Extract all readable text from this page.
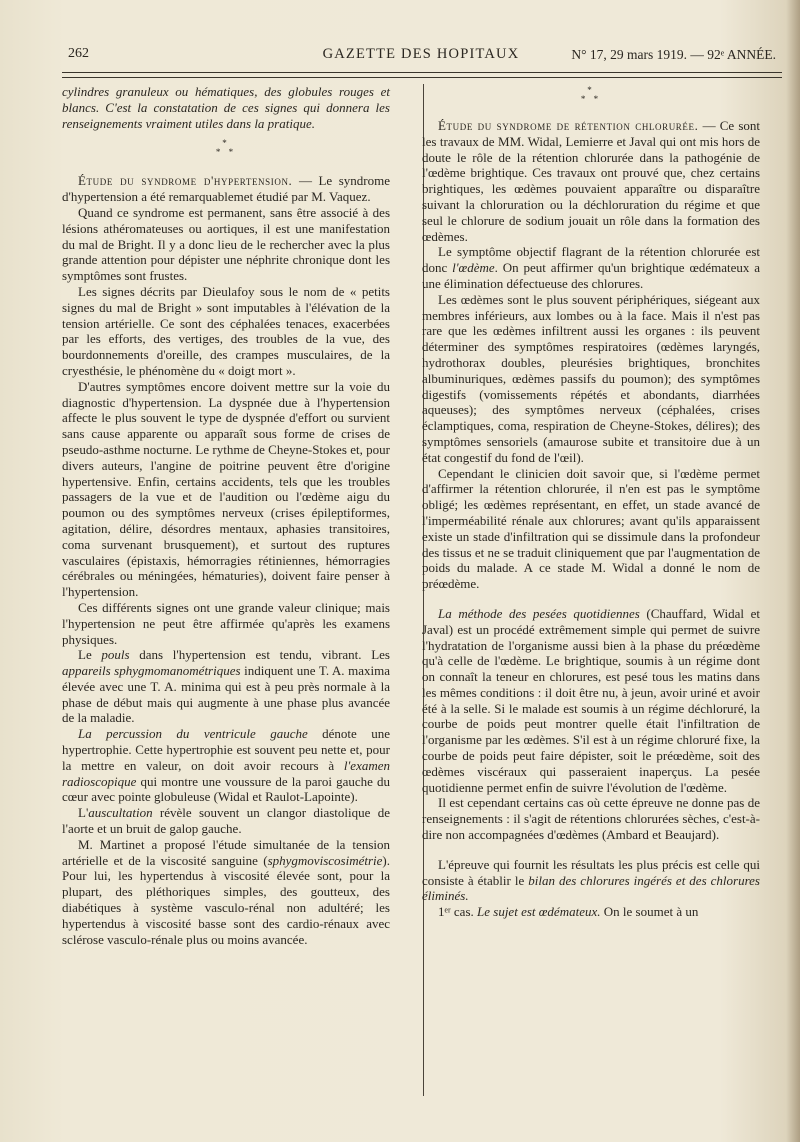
262	GAZETTE DES HOPITAUX	N° 17, 29 mars 1919. — 92ᵉ ANNÉE.

cylindres granuleux ou hématiques, des globules rouges et blancs. C'est la constatation de ces signes qui donnera les renseignements vraiment utiles dans la pratique.

*
* *

Étude du syndrome d'hypertension. — Le syndrome d'hypertension a été remarquablemet étudié par M. Vaquez.

Quand ce syndrome est permanent, sans être associé à des lésions athéromateuses ou aortiques, il est une manifestation du mal de Bright. Il y a donc lieu de le rechercher avec la plus grande attention pour dépister une néphrite chronique dont les symptômes sont frustes.

Les signes décrits par Dieulafoy sous le nom de « petits signes du mal de Bright » sont imputables à l'élévation de la tension artérielle. Ce sont des céphalées tenaces, exacerbées par les efforts, des vertiges, des troubles de la vue, des bourdonnements d'oreille, des crampes musculaires, de la cryesthésie, le phénomène du « doigt mort ».

D'autres symptômes encore doivent mettre sur la voie du diagnostic d'hypertension. La dyspnée due à l'hypertension affecte le plus souvent le type de dyspnée d'effort ou survient sans cause apparente ou apparaît sous forme de crises de pseudo-asthme nocturne. Le rythme de Cheyne-Stokes et, pour divers auteurs, l'angine de poitrine peuvent être d'origine hypertensive. Enfin, certains accidents, tels que les troubles passagers de la vue et de l'audition ou l'œdème aigu du poumon ou des symptômes nerveux (crises épileptiformes, agitation, délire, désordres mentaux, aphasies transitoires, coma survenant brusquement), et surtout des ruptures vasculaires (épistaxis, hémorragies rétiniennes, hémorragies cérébrales ou méningées, hématuries), doivent faire penser à l'hypertension.

Ces différents signes ont une grande valeur clinique; mais l'hypertension ne peut être affirmée qu'après les examens physiques.

Le pouls dans l'hypertension est tendu, vibrant. Les appareils sphygmomanométriques indiquent une T. A. maxima élevée avec une T. A. minima qui est à peu près normale à la phase de début mais qui augmente à une phase plus avancée de la maladie.

La percussion du ventricule gauche dénote une hypertrophie. Cette hypertrophie est souvent peu nette et, pour la mettre en valeur, on doit avoir recours à l'examen radioscopique qui montre une voussure de la paroi gauche du cœur avec pointe globuleuse (Widal et Raulot-Lapointe).

L'auscultation révèle souvent un clangor diastolique de l'aorte et un bruit de galop gauche.

M. Martinet a proposé l'étude simultanée de la tension artérielle et de la viscosité sanguine (sphygmoviscosimétrie). Pour lui, les hypertendus à viscosité élevée sont, pour la plupart, des pléthoriques simples, des goutteux, des diabétiques à système vasculo-rénal non adultéré; les hypertendus à viscosité basse sont des cardio-rénaux avec sclérose vasculo-rénale plus ou moins avancée.

*
* *

Étude du syndrome de rétention chlorurée. — Ce sont les travaux de MM. Widal, Lemierre et Javal qui ont mis hors de doute le rôle de la rétention chlorurée dans la pathogénie de l'œdème brightique. Ces travaux ont prouvé que, chez certains brightiques, les œdèmes pouvaient apparaître ou disparaître suivant la chloruration ou la déchloruration du régime et que seul le chlorure de sodium jouait un rôle dans la formation des œdèmes.

Le symptôme objectif flagrant de la rétention chlorurée est donc l'œdème. On peut affirmer qu'un brightique œdémateux a une élimination défectueuse des chlorures.

Les œdèmes sont le plus souvent périphériques, siégeant aux membres inférieurs, aux lombes ou à la face. Mais il n'est pas rare que les œdèmes infiltrent aussi les organes : ils peuvent déterminer des symptômes respiratoires (œdèmes laryngés, hydrothorax doubles, pleurésies brightiques, bronchites albuminuriques, œdèmes passifs du poumon); des symptômes digestifs (vomissements répétés et abondants, diarrhées aqueuses); des symptômes nerveux (céphalées, crises éclamptiques, coma, respiration de Cheyne-Stokes, délires); des symptômes sensoriels (amaurose subite et transitoire due à un état congestif du fond de l'œil).

Cependant le clinicien doit savoir que, si l'œdème permet d'affirmer la rétention chlorurée, il n'en est pas le symptôme obligé; les œdèmes représentant, en effet, un stade avancé de l'imperméabilité rénale aux chlorures; avant qu'ils apparaissent existe un stade d'infiltration qui se dissimule dans la profondeur des tissus et ne se traduit cliniquement que par l'augmentation de poids du malade. A ce stade M. Widal a donné le nom de préœdème.

La méthode des pesées quotidiennes (Chauffard, Widal et Javal) est un procédé extrêmement simple qui permet de suivre l'hydratation de l'organisme aussi bien à la phase du préœdème qu'à celle de l'œdème. Le brightique, soumis à un régime dont on connaît la teneur en chlorures, est pesé tous les matins dans les mêmes conditions : il doit être nu, à jeun, avoir uriné et avoir été à la selle. Si le malade est soumis à un régime déchloruré, la courbe de poids peut montrer quelle était l'infiltration de l'organisme par les œdèmes. S'il est à un régime chloruré fixe, la courbe de poids peut faire dépister, soit le préœdème, soit des œdèmes viscéraux qui passeraient inaperçus. La pesée quotidienne permet enfin de suivre l'évolution de l'œdème.

Il est cependant certains cas où cette épreuve ne donne pas de renseignements : il s'agit de rétentions chlorurées sèches, c'est-à-dire non accompagnées d'œdèmes (Ambard et Beaujard).

L'épreuve qui fournit les résultats les plus précis est celle qui consiste à établir le bilan des chlorures ingérés et des chlorures éliminés.

1ᵉʳ cas. Le sujet est œdémateux. On le soumet à un
